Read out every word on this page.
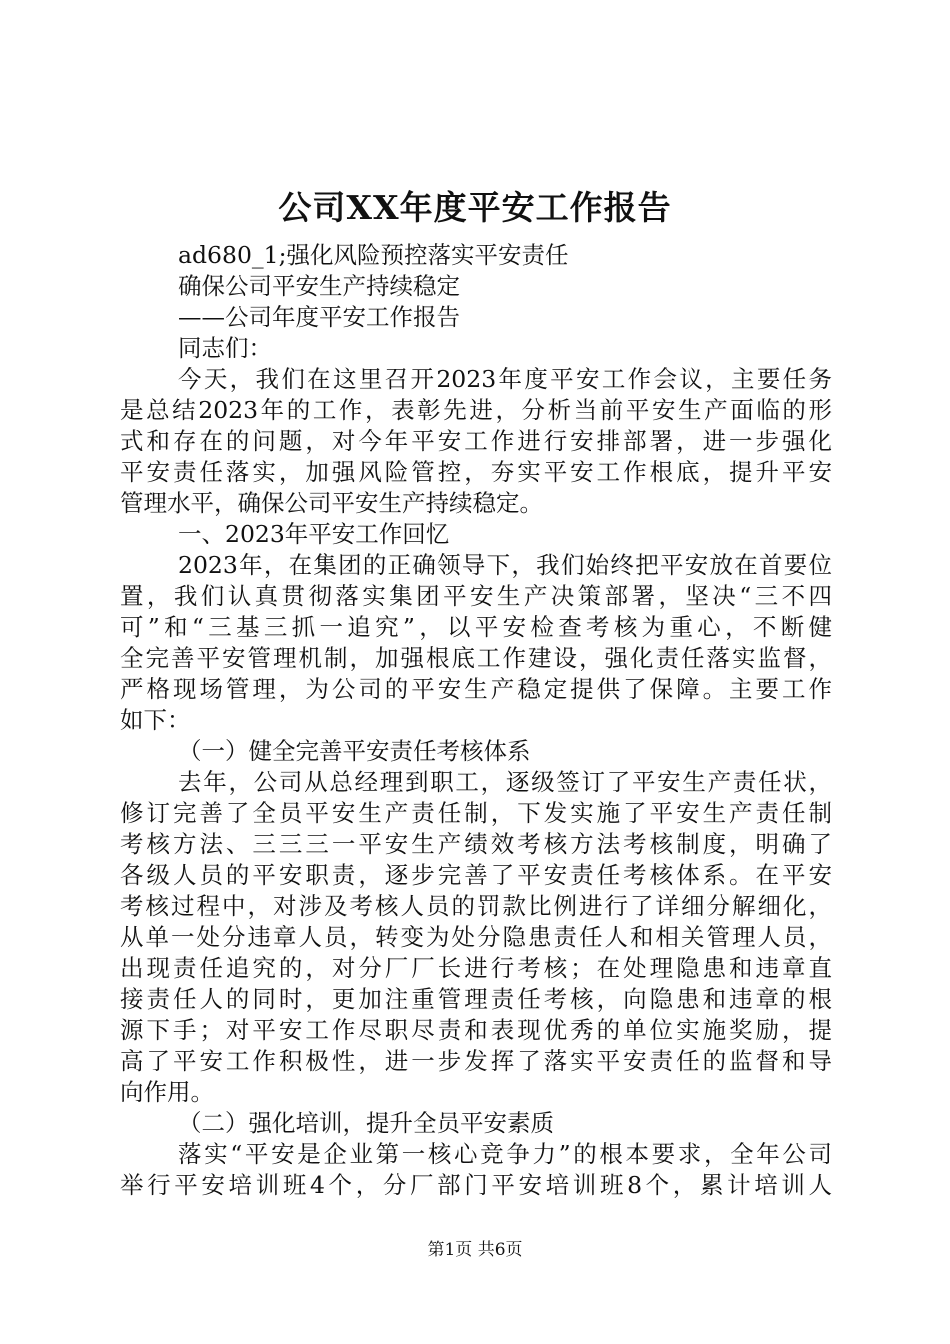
公司XX年度平安工作报告
ad680_1;强化风险预控落实平安责任
确保公司平安生产持续稳定
——公司年度平安工作报告
同志们：
今天，我们在这里召开2023年度平安工作会议，主要任务
是总结2023年的工作，表彰先进，分析当前平安生产面临的形
式和存在的问题，对今年平安工作进行安排部署，进一步强化
平安责任落实，加强风险管控，夯实平安工作根底，提升平安
管理水平，确保公司平安生产持续稳定。
一、2023年平安工作回忆
2023年，在集团的正确领导下，我们始终把平安放在首要位
置，我们认真贯彻落实集团平安生产决策部署，坚决“三不四
可”和“三基三抓一追究”，以平安检查考核为重心，不断健
全完善平安管理机制，加强根底工作建设，强化责任落实监督，
严格现场管理，为公司的平安生产稳定提供了保障。主要工作
如下：
（一）健全完善平安责任考核体系
去年，公司从总经理到职工，逐级签订了平安生产责任状，
修订完善了全员平安生产责任制，下发实施了平安生产责任制
考核方法、三三三一平安生产绩效考核方法考核制度，明确了
各级人员的平安职责，逐步完善了平安责任考核体系。在平安
考核过程中，对涉及考核人员的罚款比例进行了详细分解细化，
从单一处分违章人员，转变为处分隐患责任人和相关管理人员，
出现责任追究的，对分厂厂长进行考核；在处理隐患和违章直
接责任人的同时，更加注重管理责任考核，向隐患和违章的根
源下手；对平安工作尽职尽责和表现优秀的单位实施奖励，提
高了平安工作积极性，进一步发挥了落实平安责任的监督和导
向作用。
（二）强化培训，提升全员平安素质
落实“平安是企业第一核心竞争力”的根本要求，全年公司
举行平安培训班4个，分厂部门平安培训班8个，累计培训人
第1页 共6页
